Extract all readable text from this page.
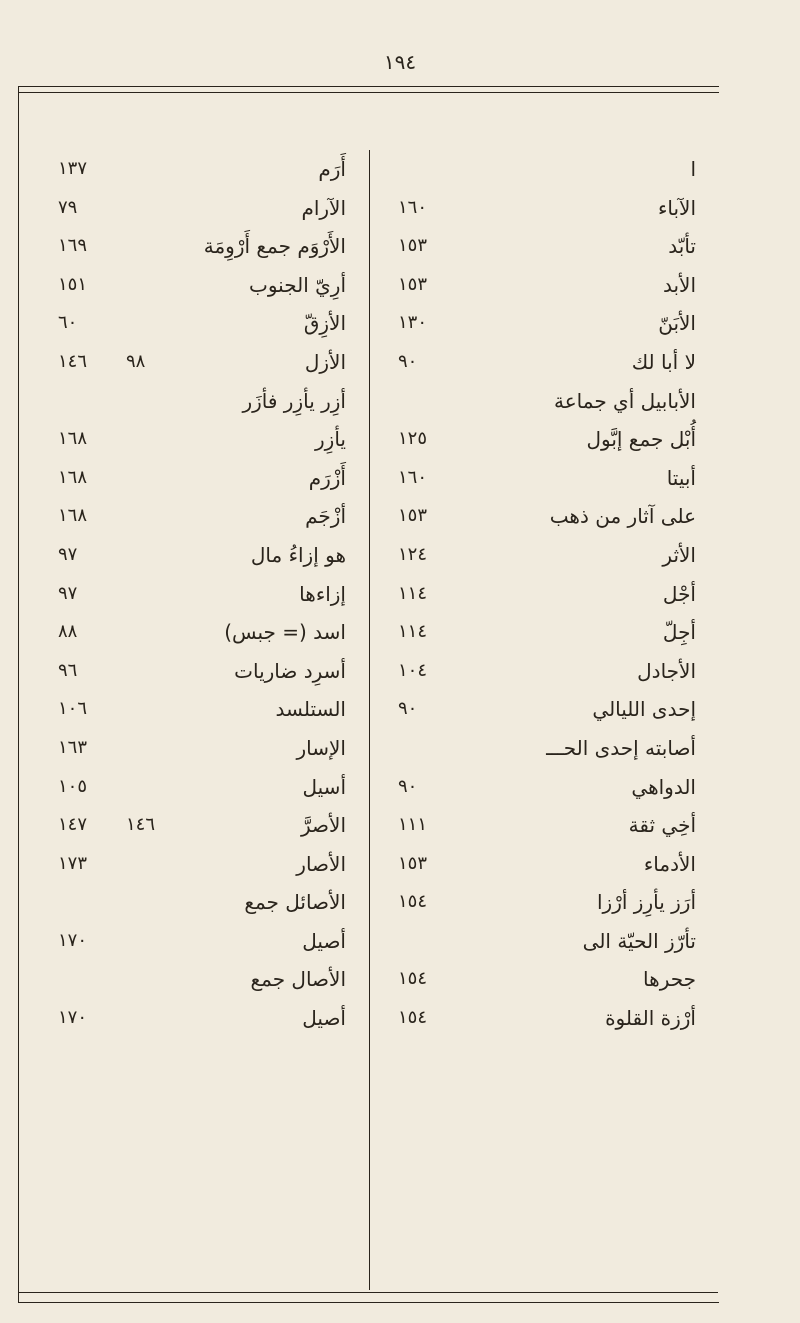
١٩٤
١٣٧	أَرَم
٧٩	الآرام
١٦٩	الأَرْوَم جمع أَرْوِمَة
١٥١	أرِيّ الجنوب
٦٠	الأزِقّ
١٤٦	٩٨	الأزل
أزِر يأزِر فأزَر
١٦٨	يأزِر
١٦٨	أَزْرَم
١٦٨	أزْجَم
٩٧	هو إزاءُ مال
٩٧	إزاءها
٨٨	اسد (= جبس)
٩٦	أسرِد ضاريات
١٠٦	الستلسد
١٦٣	الإسار
١٠٥	أسيل
١٤٧	١٤٦	الأصرَّ
١٧٣	الأصار
الأصائل جمع
١٧٠	أصيل
الأصال جمع
١٧٠	أصيل
ا
١٦٠	الآباء
١٥٣	تأبّد
١٥٣	الأبد
١٣٠	الأبَنّ
٩٠	لا أبا لك
الأبابيل أي جماعة
١٢٥	أُبْل جمع إبَّول
١٦٠	أبيتا
١٥٣	على آثار من ذهب
١٢٤	الأثر
١١٤	أجْل
١١٤	أجِلّ
١٠٤	الأجادل
٩٠	إحدى الليالي
أصابته إحدى الحـــ
٩٠	الدواهي
١١١	أخِي ثقة
١٥٣	الأدماء
١٥٤	أرَز يأرِز أرْزا
تأرّز الحيّة الى
١٥٤	جحرها
١٥٤	أرْزة القلوة
